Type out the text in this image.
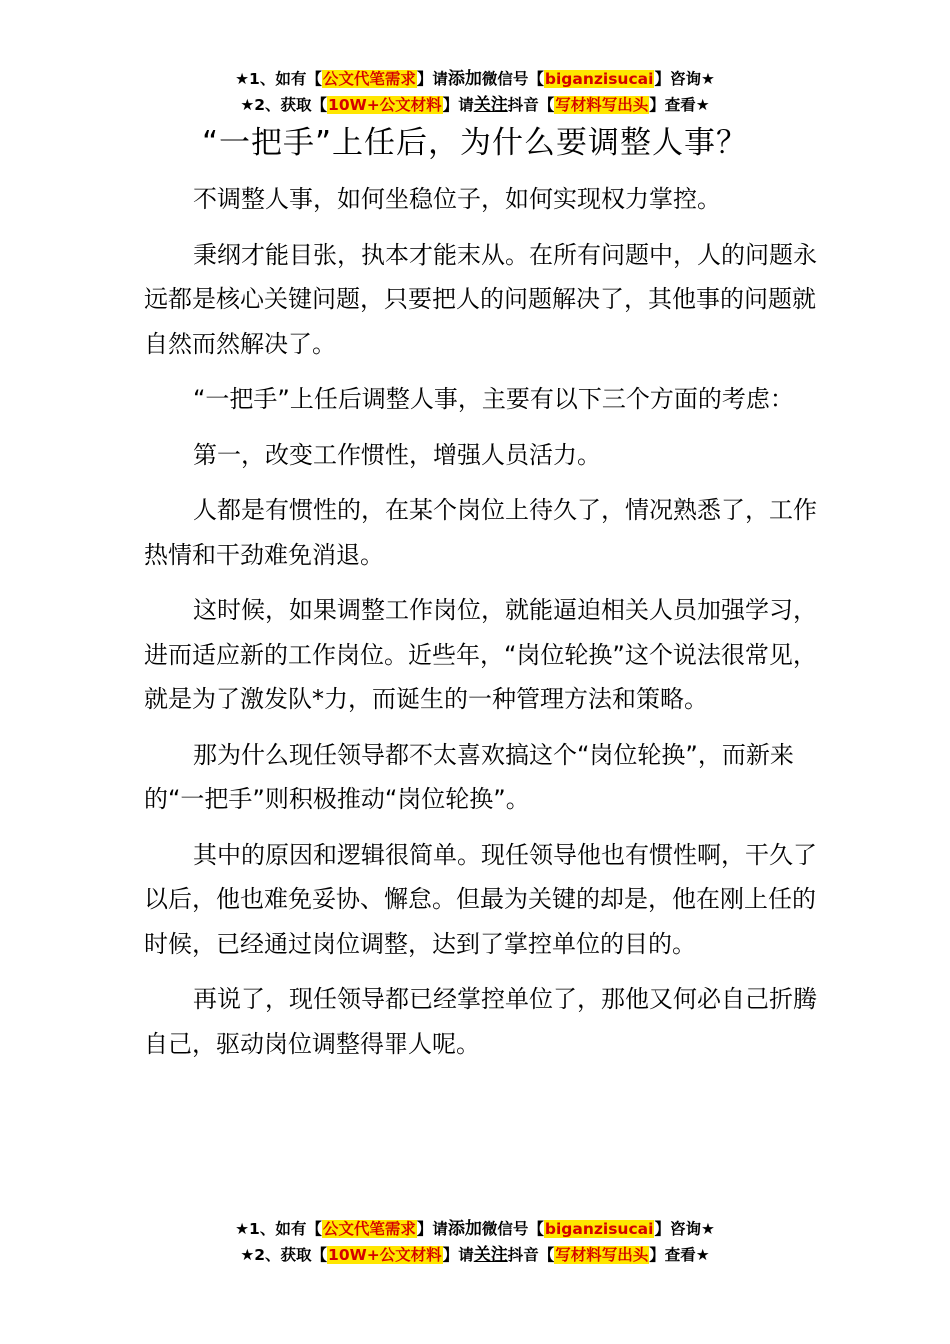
★1、如有【公文代笔需求】请添加微信号【biganzisucai】咨询★
★2、获取【10W+公文材料】请关注抖音【写材料写出头】查看★
“一把手”上任后，为什么要调整人事？

不调整人事，如何坐稳位子，如何实现权力掌控。

秉纲才能目张，执本才能末从。在所有问题中，人的问题永远都是核心关键问题，只要把人的问题解决了，其他事的问题就自然而然解决了。

“一把手”上任后调整人事，主要有以下三个方面的考虑：

第一，改变工作惯性，增强人员活力。

人都是有惯性的，在某个岗位上待久了，情况熟悉了，工作热情和干劲难免消退。

这时候，如果调整工作岗位，就能逼迫相关人员加强学习，进而适应新的工作岗位。近些年，“岗位轮换”这个说法很常见，就是为了激发队*力，而诞生的一种管理方法和策略。

那为什么现任领导都不太喜欢搞这个“岗位轮换”，而新来的“一把手”则积极推动“岗位轮换”。

其中的原因和逻辑很简单。现任领导他也有惯性啊，干久了以后，他也难免妥协、懈怠。但最为关键的却是，他在刚上任的时候，已经通过岗位调整，达到了掌控单位的目的。

再说了，现任领导都已经掌控单位了，那他又何必自己折腾自己，驱动岗位调整得罪人呢。

★1、如有【公文代笔需求】请添加微信号【biganzisucai】咨询★
★2、获取【10W+公文材料】请关注抖音【写材料写出头】查看★
